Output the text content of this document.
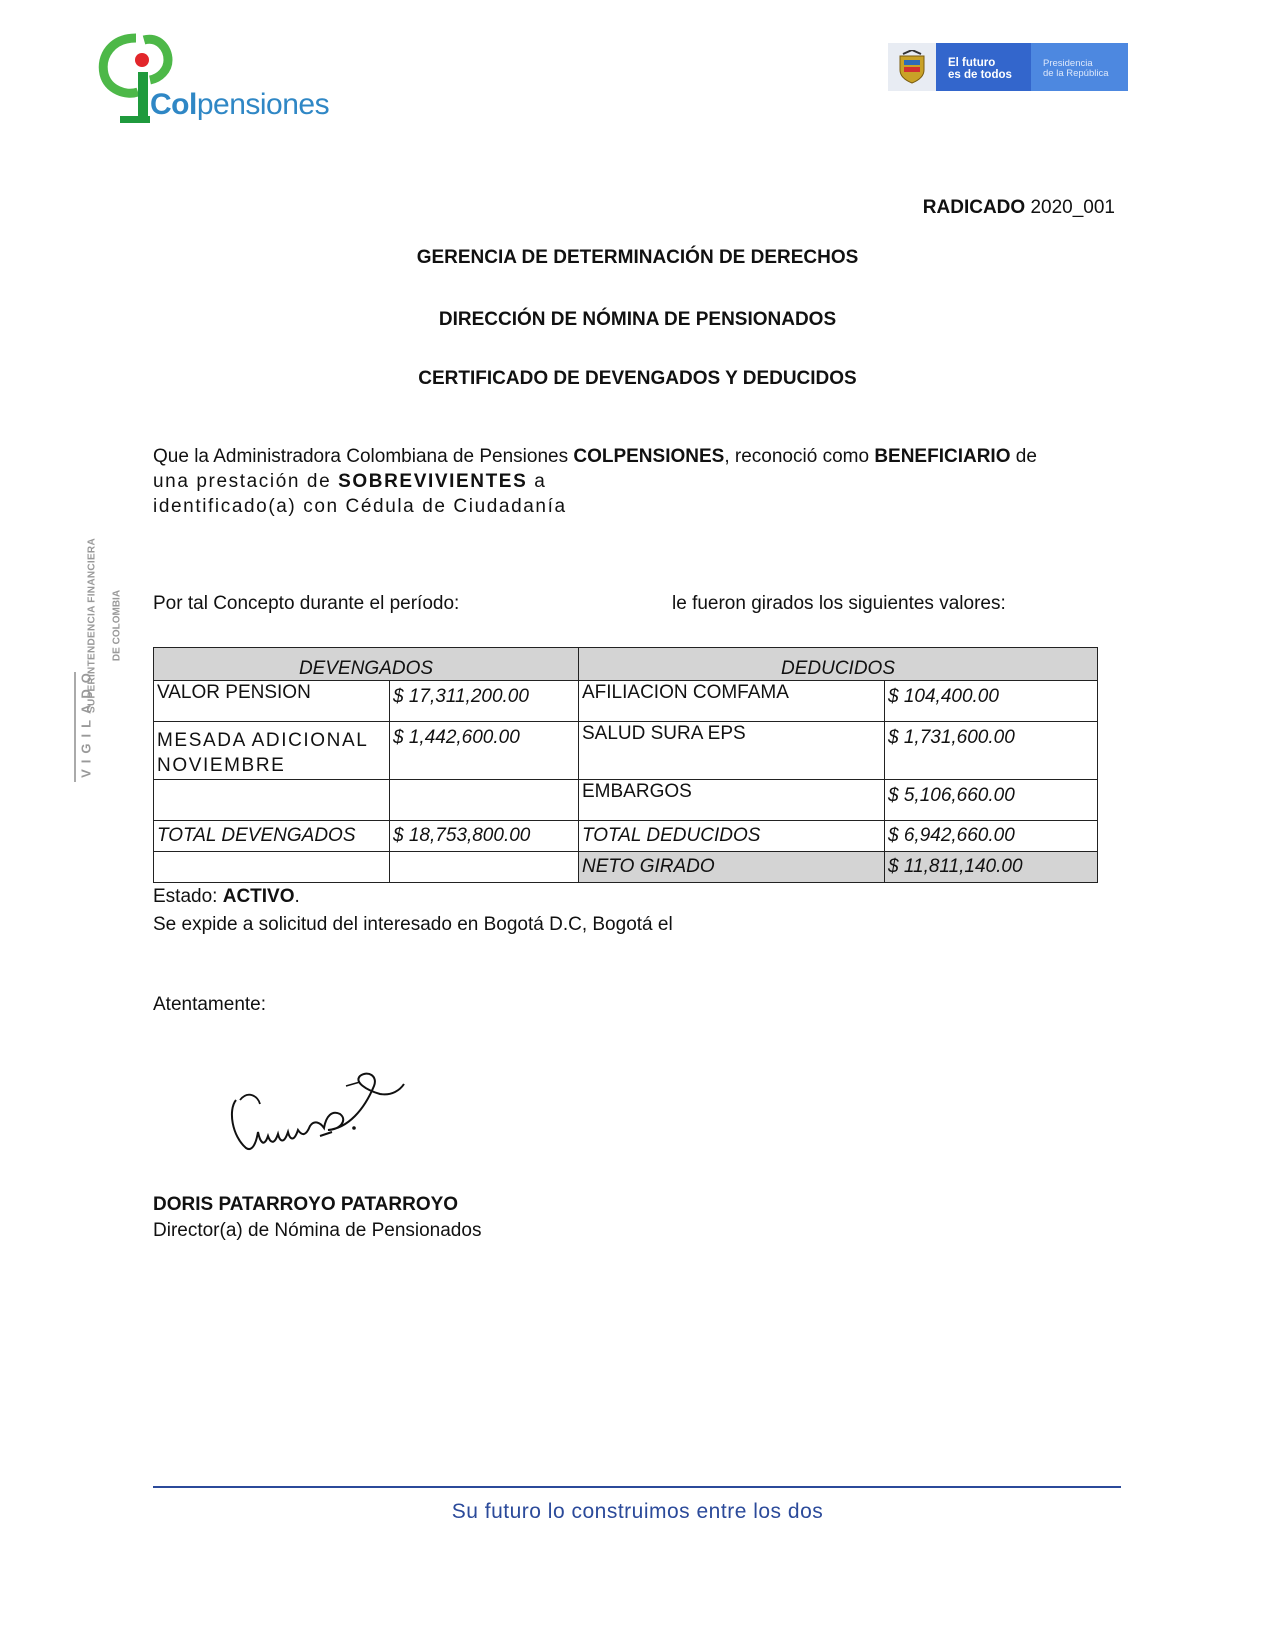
Colpensiones
El futuro
es de todos
Presidencia
de la República
SUPERINTENDENCIA FINANCIERA DE COLOMBIA
VIGILADO
RADICADO 2020_001
GERENCIA DE DETERMINACIÓN DE DERECHOS
DIRECCIÓN DE NÓMINA DE PENSIONADOS
CERTIFICADO DE DEVENGADOS Y DEDUCIDOS
Que la Administradora Colombiana de Pensiones COLPENSIONES, reconoció como BENEFICIARIO de
una prestación de SOBREVIVIENTES a
identificado(a) con Cédula de Ciudadanía
Por tal Concepto durante el período:	le fueron girados los siguientes valores:
DEVENGADOS		DEDUCIDOS	
VALOR PENSION	$ 17,311,200.00	AFILIACION COMFAMA	$ 104,400.00

MESADA ADICIONAL
NOVIEMBRE	$ 1,442,600.00	SALUD SURA EPS	$ 1,731,600.00
		EMBARGOS	$ 5,106,660.00
TOTAL DEVENGADOS	$ 18,753,800.00	TOTAL DEDUCIDOS	$ 6,942,660.00
		NETO GIRADO	$ 11,811,140.00
Estado: ACTIVO.
Se expide a solicitud del interesado en Bogotá D.C, Bogotá el
Atentamente:
DORIS PATARROYO PATARROYO
Director(a) de Nómina de Pensionados
Su futuro lo construimos entre los dos
